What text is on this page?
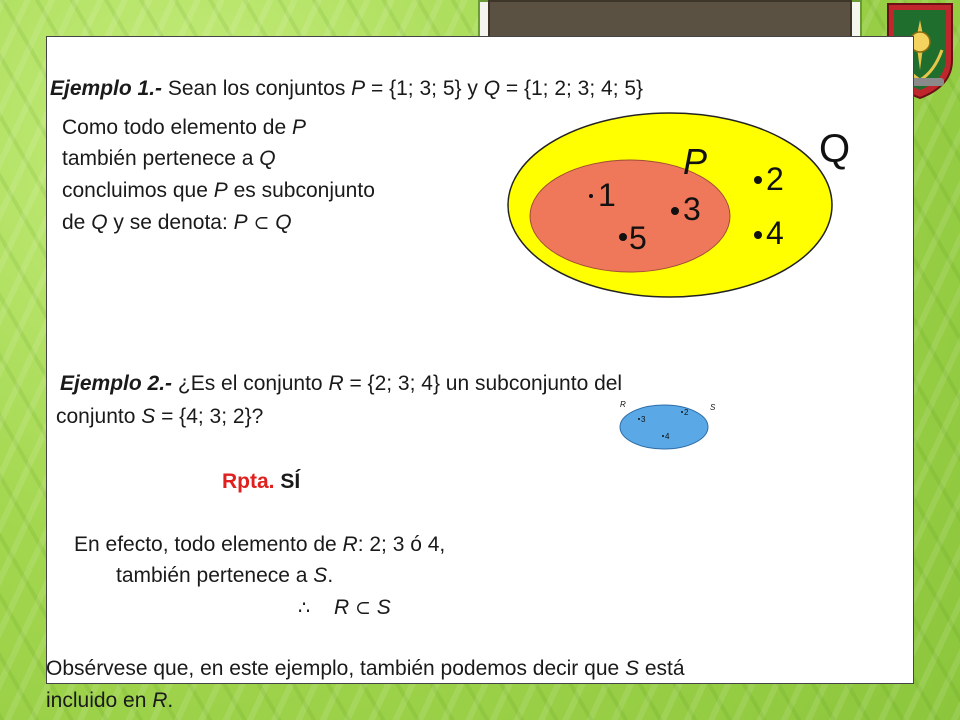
Ejemplo 1.- Sean los conjuntos P = {1; 3; 5} y Q = {1; 2; 3; 4; 5}
Como todo elemento de P
también pertenece a Q
concluimos que P es subconjunto
de Q y se denota: P ⊂ Q
Q
P
1 3
5
2
4
Ejemplo 2.- ¿Es el conjunto R = {2; 3; 4} un subconjunto del
conjunto S = {4; 3; 2}?
R	S
3
2
4
Rpta. SÍ
En efecto, todo elemento de R: 2; 3 ó 4,
también pertenece a S.
∴ R ⊂ S
Obsérvese que, en este ejemplo, también podemos decir que S está
incluido en R.
